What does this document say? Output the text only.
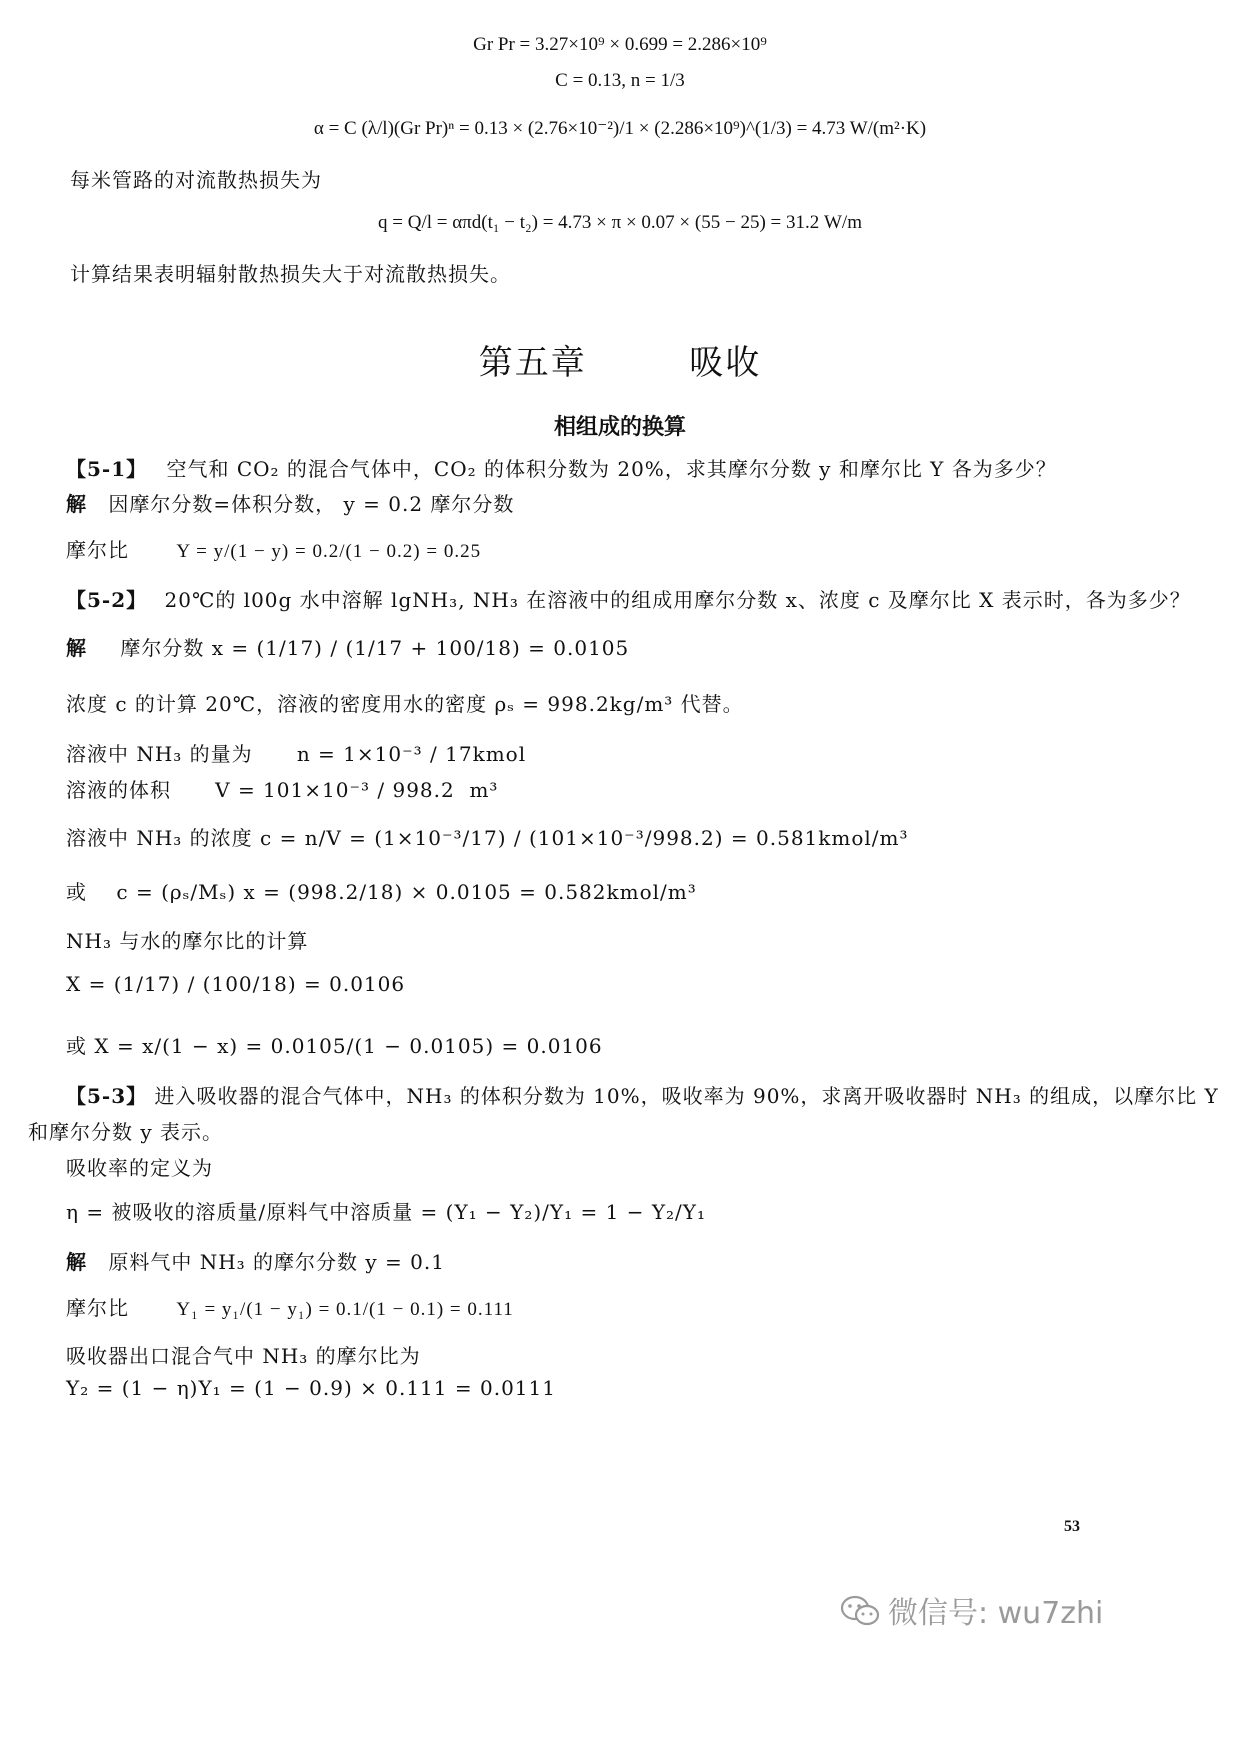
Gr Pr = 3.27×10⁹ × 0.699 = 2.286×10⁹
C = 0.13, n = 1/3
α = C (λ/l)(Gr Pr)ⁿ = 0.13 × (2.76×10⁻²)/1 × (2.286×10⁹)^(1/3) = 4.73 W/(m²·K)
每米管路的对流散热损失为
q = Q/l = απd(t₁ − t₂) = 4.73 × π × 0.07 × (55 − 25) = 31.2 W/m
计算结果表明辐射散热损失大于对流散热损失。
第五章        吸收
相组成的换算
【5-1】 空气和 CO₂ 的混合气体中，CO₂ 的体积分数为 20%，求其摩尔分数 y 和摩尔比 Y 各为多少？
解 因摩尔分数=体积分数， y = 0.2 摩尔分数
摩尔比 Y = y/(1 − y) = 0.2/(1 − 0.2) = 0.25
【5-2】 20℃的 l00g 水中溶解 lgNH₃, NH₃ 在溶液中的组成用摩尔分数 x、浓度 c 及摩尔比 X 表示时，各为多少？
解 摩尔分数 x = (1/17) / (1/17 + 100/18) = 0.0105
浓度 c 的计算 20℃，溶液的密度用水的密度 ρₛ = 998.2kg/m³ 代替。
溶液中 NH₃ 的量为      n = 1×10⁻³ / 17kmol
溶液的体积      V = 101×10⁻³ / 998.2  m³
溶液中 NH₃ 的浓度 c = n/V = (1×10⁻³/17) / (101×10⁻³/998.2) = 0.581kmol/m³
或    c = (ρₛ/Mₛ) x = (998.2/18) × 0.0105 = 0.582kmol/m³
NH₃ 与水的摩尔比的计算
X = (1/17) / (100/18) = 0.0106
或 X = x/(1 − x) = 0.0105/(1 − 0.0105) = 0.0106
【5-3】 进入吸收器的混合气体中，NH₃ 的体积分数为 10%，吸收率为 90%，求离开吸收器时 NH₃ 的组成，以摩尔比 Y
和摩尔分数 y 表示。
吸收率的定义为
η = 被吸收的溶质量/原料气中溶质量 = (Y₁ − Y₂)/Y₁ = 1 − Y₂/Y₁
解 原料气中 NH₃ 的摩尔分数 y = 0.1
摩尔比 Y₁ = y₁/(1 − y₁) = 0.1/(1 − 0.1) = 0.111
吸收器出口混合气中 NH₃ 的摩尔比为
Y₂ = (1 − η)Y₁ = (1 − 0.9) × 0.111 = 0.0111
53
微信号: wu7zhi
